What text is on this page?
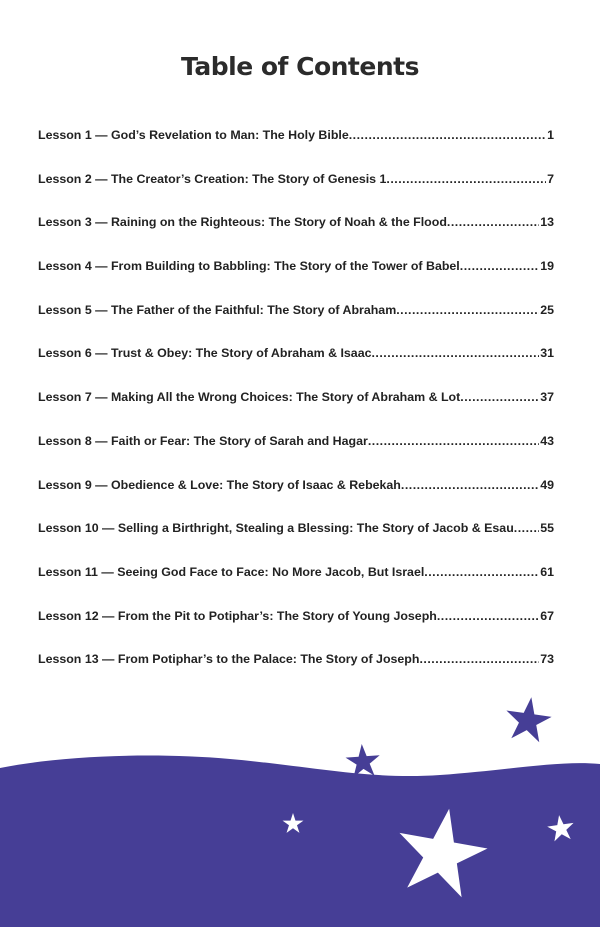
Table of Contents
Lesson 1 — God’s Revelation to Man: The Holy Bible .....	1
Lesson 2 — The Creator’s Creation: The Story of Genesis 1 .....	7
Lesson 3 — Raining on the Righteous: The Story of Noah & the Flood .....	13
Lesson 4 — From Building to Babbling: The Story of the Tower of Babel .....	19
Lesson 5 — The Father of the Faithful: The Story of Abraham .....	25
Lesson 6 — Trust & Obey: The Story of Abraham & Isaac .....	31
Lesson 7 — Making All the Wrong Choices: The Story of Abraham & Lot .....	37
Lesson 8 — Faith or Fear: The Story of Sarah and Hagar .....	43
Lesson 9 — Obedience & Love: The Story of Isaac & Rebekah .....	49
Lesson 10 — Selling a Birthright, Stealing a Blessing: The Story of Jacob & Esau ..... 55
Lesson 11 — Seeing God Face to Face: No More Jacob, But Israel .....	61
Lesson 12 — From the Pit to Potiphar’s: The Story of Young Joseph .....	67
Lesson 13 — From Potiphar’s to the Palace: The Story of Joseph .....	73
